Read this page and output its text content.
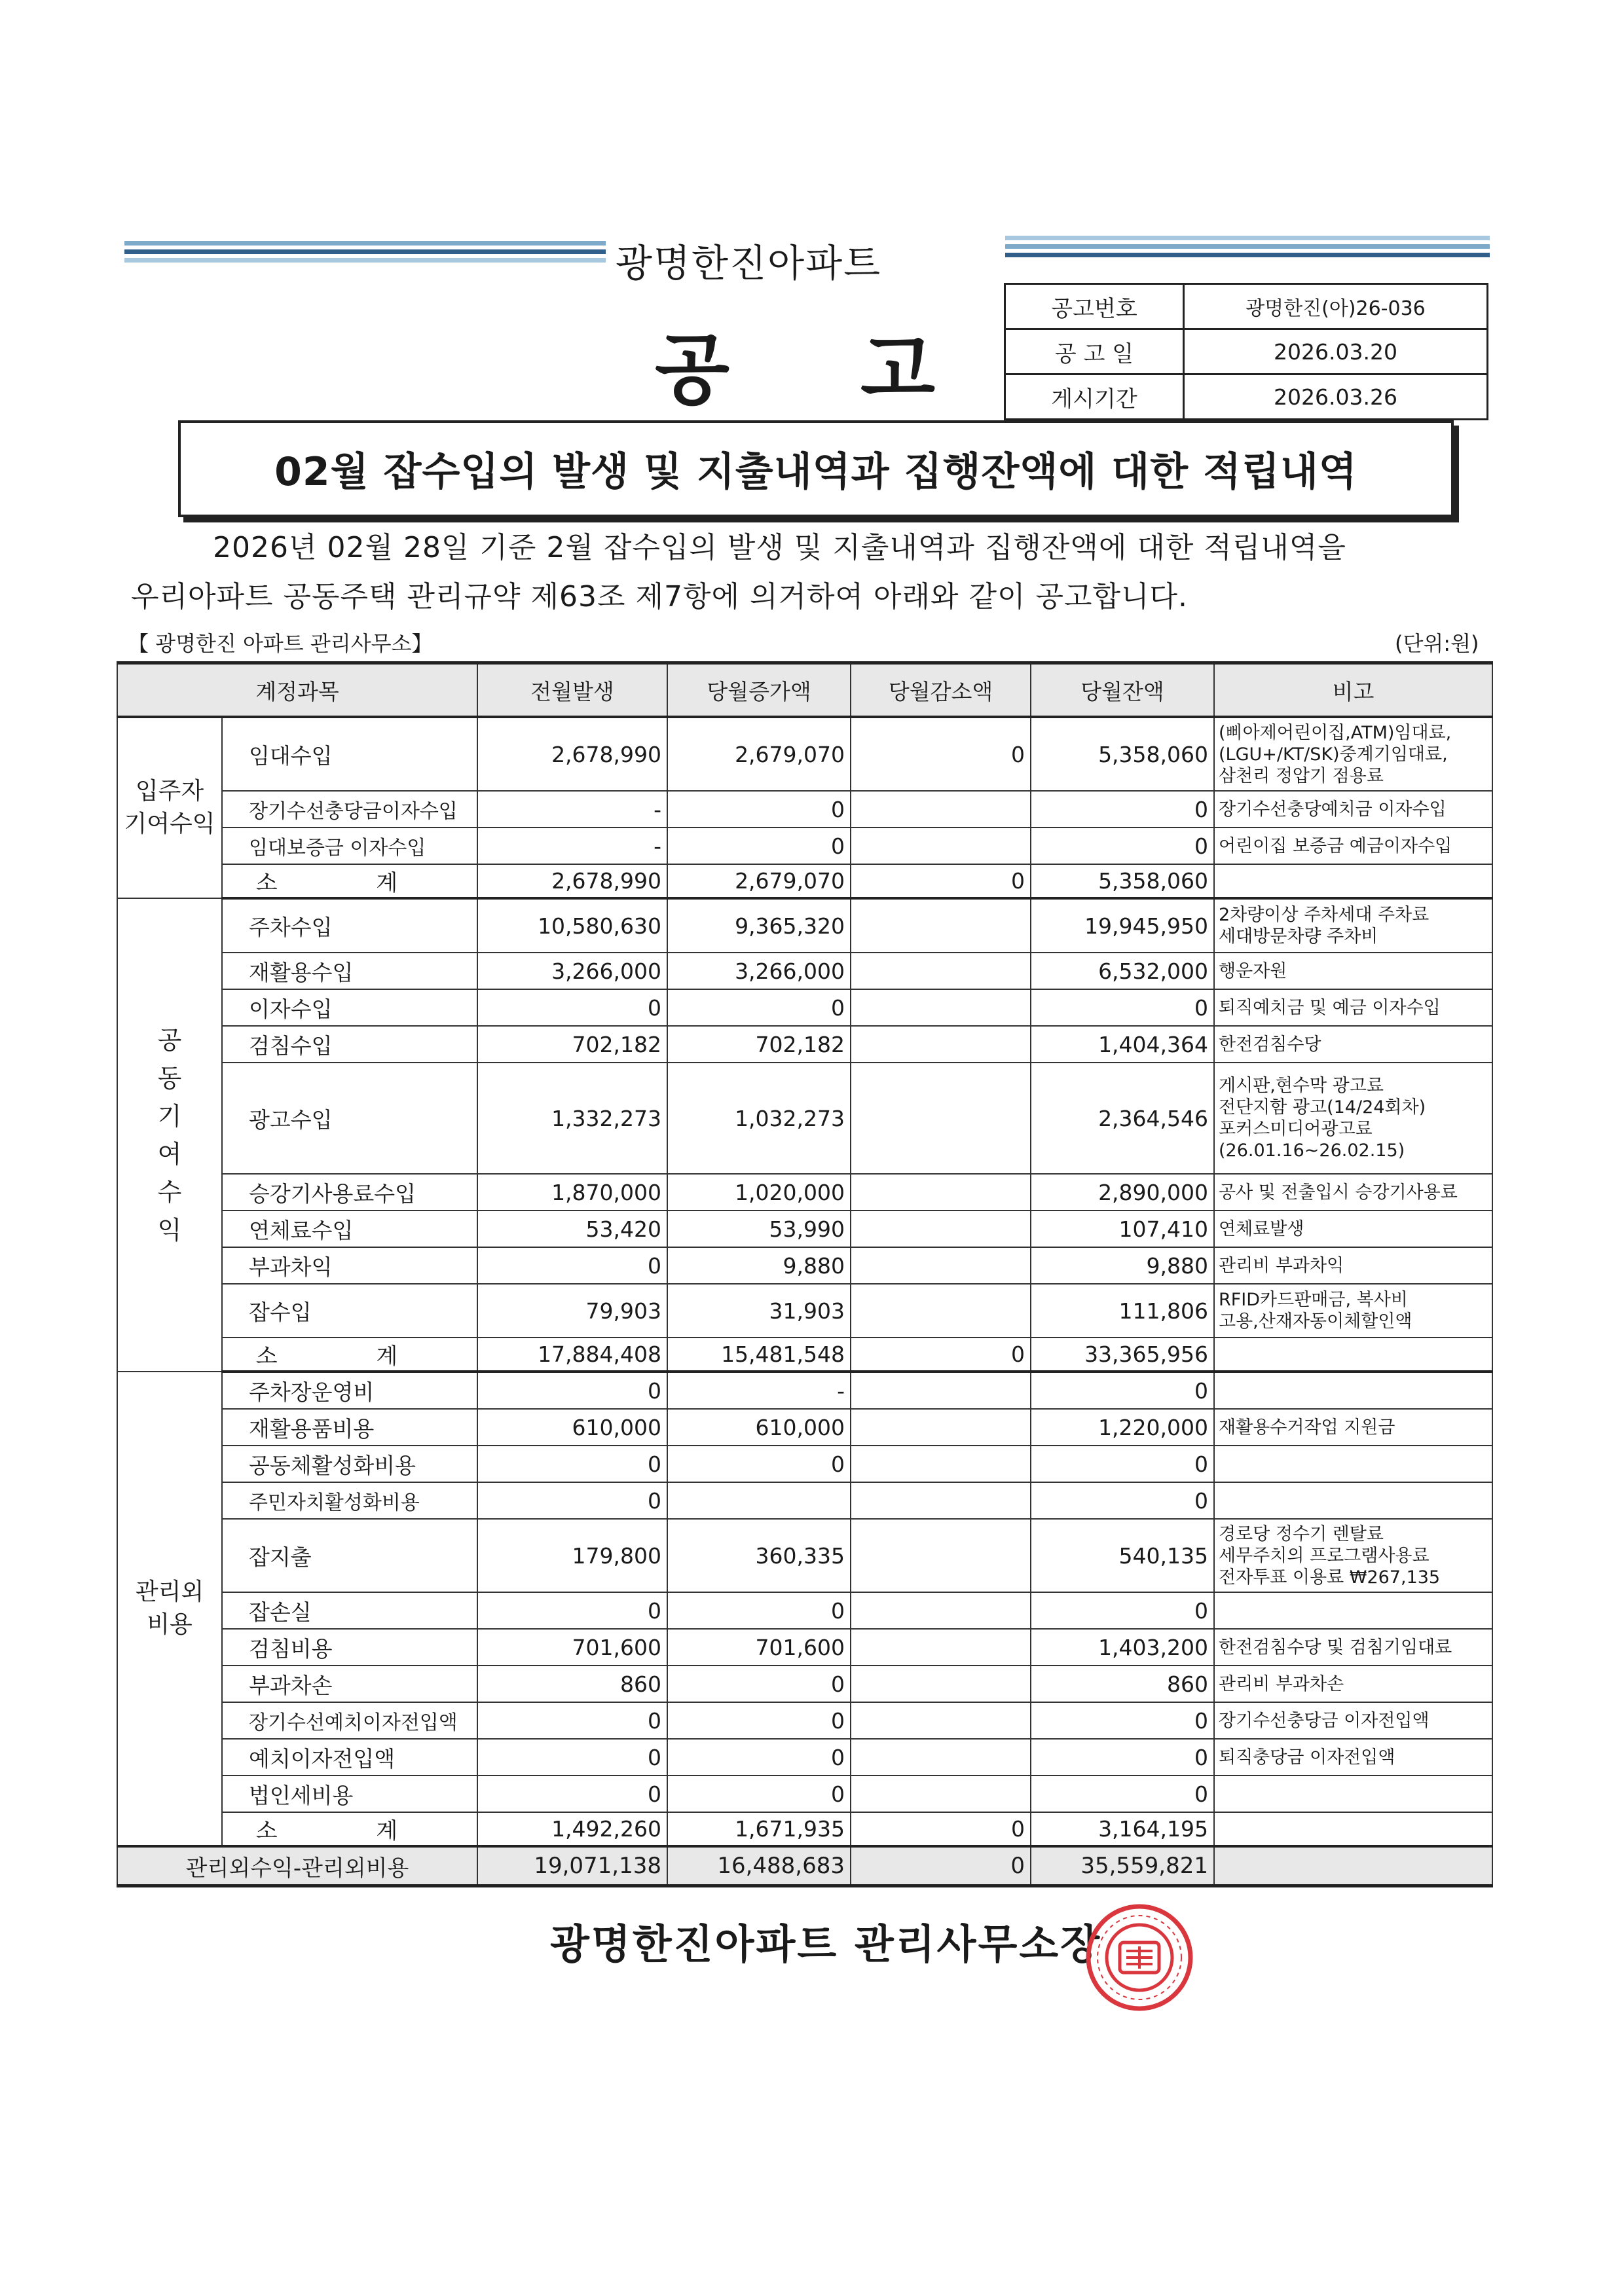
광명한진아파트
공고
공고번호	광명한진(아)26-036
공 고 일	2026.03.20
게시기간	2026.03.26
02월 잡수입의 발생 및 지출내역과 집행잔액에 대한 적립내역
2026년 02월 28일 기준 2월 잡수입의 발생 및 지출내역과 집행잔액에 대한 적립내역을
우리아파트 공동주택 관리규약 제63조 제7항에 의거하여 아래와 같이 공고합니다.
【 광명한진 아파트 관리사무소】	(단위:원)
계정과목		전월발생	당월증가액	당월감소액	당월잔액	비고
입주자
기여수익	임대수입	2,678,990	2,679,070	0	5,358,060	(삐아제어린이집,ATM)임대료,
(LGU+/KT/SK)중계기임대료,
삼천리 정압기 점용료
	장기수선충당금이자수입	-	0		0	장기수선충당예치금 이자수입
	임대보증금 이자수입	-	0		0	어린이집 보증금 예금이자수입
	소 계	2,678,990	2,679,070	0	5,358,060	
공동기여수익	주차수입	10,580,630	9,365,320		19,945,950	2차량이상 주차세대 주차료
세대방문차량 주차비
	재활용수입	3,266,000	3,266,000		6,532,000	행운자원
	이자수입	0	0		0	퇴직예치금 및 예금 이자수입
	검침수입	702,182	702,182		1,404,364	한전검침수당
	광고수입	1,332,273	1,032,273		2,364,546	게시판,현수막 광고료
전단지함 광고(14/24회차)
포커스미디어광고료
(26.01.16~26.02.15)
	승강기사용료수입	1,870,000	1,020,000		2,890,000	공사 및 전출입시 승강기사용료
	연체료수입	53,420	53,990		107,410	연체료발생
	부과차익	0	9,880		9,880	관리비 부과차익
	잡수입	79,903	31,903		111,806	RFID카드판매금, 복사비
고용,산재자동이체할인액
	소 계	17,884,408	15,481,548	0	33,365,956	
관리외
비용	주차장운영비	0	-		0	
	재활용품비용	610,000	610,000		1,220,000	재활용수거작업 지원금
	공동체활성화비용	0	0		0	
	주민자치활성화비용	0			0	
	잡지출	179,800	360,335		540,135	경로당 정수기 렌탈료
세무주치의 프로그램사용료
전자투표 이용료 ₩267,135
	잡손실	0	0		0	
	검침비용	701,600	701,600		1,403,200	한전검침수당 및 검침기임대료
	부과차손	860	0		860	관리비 부과차손
	장기수선예치이자전입액	0	0		0	장기수선충당금 이자전입액
	예치이자전입액	0	0		0	퇴직충당금 이자전입액
	법인세비용	0	0		0	
	소 계	1,492,260	1,671,935	0	3,164,195	
관리외수익-관리외비용		19,071,138	16,488,683	0	35,559,821	
광명한진아파트 관리사무소장
